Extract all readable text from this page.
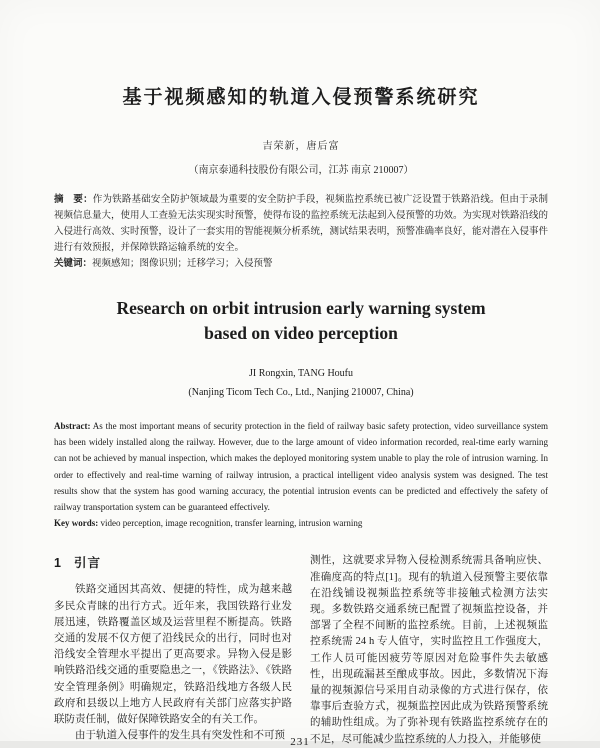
基于视频感知的轨道入侵预警系统研究
吉荣新，唐后富
（南京泰通科技股份有限公司，江苏 南京 210007）

摘　要：作为铁路基础安全防护领域最为重要的安全防护手段，视频监控系统已被广泛设置于铁路沿线。但由于录制视频信息量大，使用人工查验无法实现实时预警，使得布设的监控系统无法起到入侵预警的功效。为实现对铁路沿线的入侵进行高效、实时预警，设计了一套实用的智能视频分析系统，测试结果表明，预警准确率良好，能对潜在入侵事件进行有效预报，并保障铁路运输系统的安全。

关键词：视频感知；图像识别；迁移学习；入侵预警

Research on orbit intrusion early warning system
based on video perception
JI Rongxin, TANG Houfu
(Nanjing Ticom Tech Co., Ltd., Nanjing 210007, China)

Abstract: As the most important means of security protection in the field of railway basic safety protection, video surveillance system has been widely installed along the railway. However, due to the large amount of video information recorded, real-time early warning can not be achieved by manual inspection, which makes the deployed monitoring system unable to play the role of intrusion warning. In order to effectively and real-time warning of railway intrusion, a practical intelligent video analysis system was designed. The test results show that the system has good warning accuracy, the potential intrusion events can be predicted and effectively the safety of railway transportation system can be guaranteed effectively.

Key words: video perception, image recognition, transfer learning, intrusion warning

1 引言

铁路交通因其高效、便捷的特性，成为越来越多民众青睐的出行方式。近年来，我国铁路行业发展迅速，铁路覆盖区域及运营里程不断提高。铁路交通的发展不仅方便了沿线民众的出行，同时也对沿线安全管理水平提出了更高要求。异物入侵是影响铁路沿线交通的重要隐患之一，《铁路法》、《铁路安全管理条例》明确规定，铁路沿线地方各级人民政府和县级以上地方人民政府有关部门应落实护路联防责任制，做好保障铁路安全的有关工作。

由于轨道入侵事件的发生具有突发性和不可预

测性，这就要求异物入侵检测系统需具备响应快、准确度高的特点[1]。现有的轨道入侵预警主要依靠在沿线铺设视频监控系统等非接触式检测方法实现。多数铁路交通系统已配置了视频监控设备，并部署了全程不间断的监控系统。目前，上述视频监控系统需 24 h 专人值守，实时监控且工作强度大，工作人员可能因疲劳等原因对危险事件失去敏感性，出现疏漏甚至酿成事故。因此，多数情况下海量的视频源信号采用自动录像的方式进行保存，依靠事后查验方式，视频监控因此成为铁路预警系统的辅助性组成。为了弥补现有铁路监控系统存在的不足，尽可能减少监控系统的人力投入，并能够使

231
